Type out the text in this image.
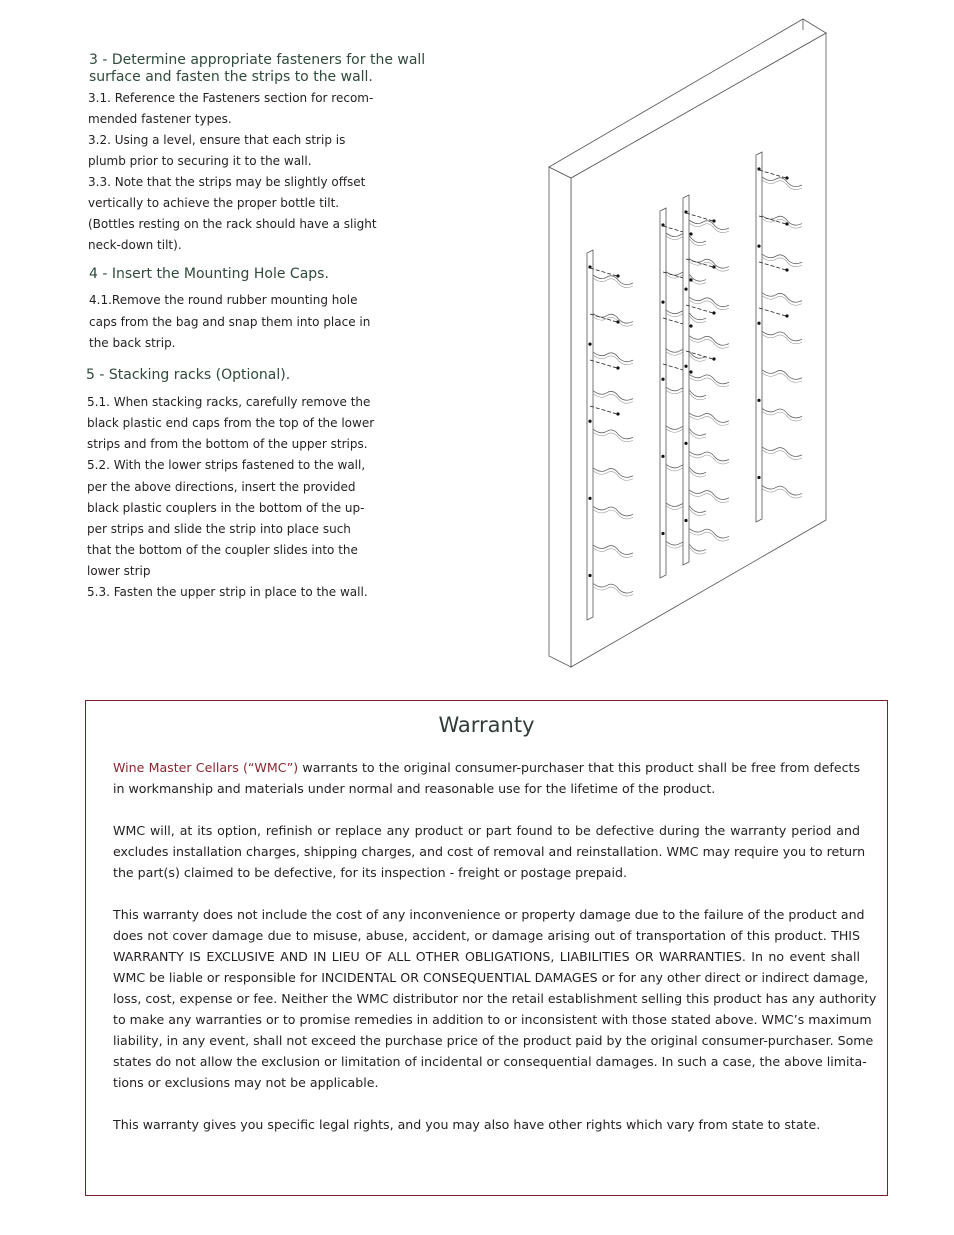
3 - Determine appropriate fasteners for the wall
surface and fasten the strips to the wall.
3.1. Reference the Fasteners section for recom-
mended fastener types.
3.2. Using a level, ensure that each strip is
plumb prior to securing it to the wall.
3.3. Note that the strips may be slightly offset
vertically to achieve the proper bottle tilt.
(Bottles resting on the rack should have a slight
neck-down tilt).
4 - Insert the Mounting Hole Caps.
4.1.Remove the round rubber mounting hole
caps from the bag and snap them into place in
the back strip.
5 - Stacking racks (Optional).
5.1. When stacking racks, carefully remove the
black plastic end caps from the top of the lower
strips and from the bottom of the upper strips.
5.2. With the lower strips fastened to the wall,
per the above directions, insert the provided
black plastic couplers in the bottom of the up-
per strips and slide the strip into place such
that the bottom of the coupler slides into the
lower strip
5.3. Fasten the upper strip in place to the wall.
Warranty
Wine Master Cellars (“WMC”) warrants to the original consumer-purchaser that this product shall be free from defects
in workmanship and materials under normal and reasonable use for the lifetime of the product.
WMC will, at its option, refinish or replace any product or part found to be defective during the warranty period and
excludes installation charges, shipping charges, and cost of removal and reinstallation. WMC may require you to return
the part(s) claimed to be defective, for its inspection - freight or postage prepaid.
This warranty does not include the cost of any inconvenience or property damage due to the failure of the product and
does not cover damage due to misuse, abuse, accident, or damage arising out of transportation of this product. THIS
WARRANTY IS EXCLUSIVE AND IN LIEU OF ALL OTHER OBLIGATIONS, LIABILITIES OR WARRANTIES. In no event shall
WMC be liable or responsible for INCIDENTAL OR CONSEQUENTIAL DAMAGES or for any other direct or indirect damage,
loss, cost, expense or fee. Neither the WMC distributor nor the retail establishment selling this product has any authority
to make any warranties or to promise remedies in addition to or inconsistent with those stated above. WMC’s maximum
liability, in any event, shall not exceed the purchase price of the product paid by the original consumer-purchaser. Some
states do not allow the exclusion or limitation of incidental or consequential damages. In such a case, the above limita-
tions or exclusions may not be applicable.
This warranty gives you specific legal rights, and you may also have other rights which vary from state to state.
